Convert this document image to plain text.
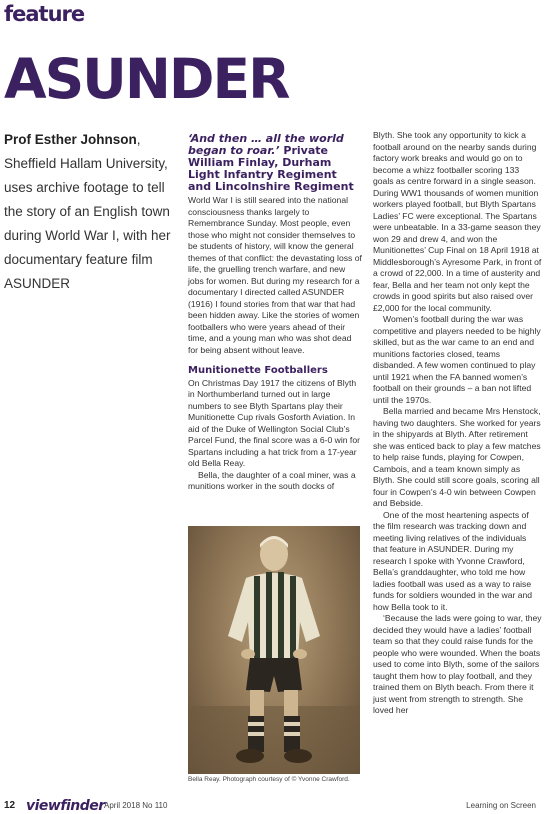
feature
ASUNDER
Prof Esther Johnson, Sheffield Hallam University, uses archive footage to tell the story of an English town during World War I, with her documentary feature film ASUNDER
‘And then … all the world began to roar.’ Private William Finlay, Durham Light Infantry Regiment and Lincolnshire Regiment

World War I is still seared into the national consciousness thanks largely to Remembrance Sunday. Most people, even those who might not consider themselves to be students of history, will know the general themes of that conflict: the devastating loss of life, the gruelling trench warfare, and new jobs for women. But during my research for a documentary I directed called ASUNDER (1916) I found stories from that war that had been hidden away. Like the stories of women footballers who were years ahead of their time, and a young man who was shot dead for being absent without leave.

Munitionette Footballers

On Christmas Day 1917 the citizens of Blyth in Northumberland turned out in large numbers to see Blyth Spartans play their Munitionette Cup rivals Gosforth Aviation. In aid of the Duke of Wellington Social Club’s Parcel Fund, the final score was a 6-0 win for Spartans including a hat trick from a 17-year old Bella Reay.

Bella, the daughter of a coal miner, was a munitions worker in the south docks of

Bella Reay. Photograph courtesy of © Yvonne Crawford.

Blyth. She took any opportunity to kick a football around on the nearby sands during factory work breaks and would go on to become a whizz footballer scoring 133 goals as centre forward in a single season. During WW1 thousands of women munition workers played football, but Blyth Spartans Ladies’ FC were exceptional. The Spartans were unbeatable. In a 33-game season they won 29 and drew 4, and won the Munitionettes’ Cup Final on 18 April 1918 at Middlesborough’s Ayresome Park, in front of a crowd of 22,000. In a time of austerity and fear, Bella and her team not only kept the crowds in good spirits but also raised over £2,000 for the local community.

Women’s football during the war was competitive and players needed to be highly skilled, but as the war came to an end and munitions factories closed, teams disbanded. A few women continued to play until 1921 when the FA banned women’s football on their grounds – a ban not lifted until the 1970s.

Bella married and became Mrs Henstock, having two daughters. She worked for years in the shipyards at Blyth. After retirement she was enticed back to play a few matches to help raise funds, playing for Cowpen, Cambois, and a team known simply as Blyth. She could still score goals, scoring all four in Cowpen’s 4-0 win between Cowpen and Bebside.

One of the most heartening aspects of the film research was tracking down and meeting living relatives of the individuals that feature in ASUNDER. During my research I spoke with Yvonne Crawford, Bella’s granddaughter, who told me how ladies football was used as a way to raise funds for soldiers wounded in the war and how Bella took to it.

‘Because the lads were going to war, they decided they would have a ladies’ football team so that they could raise funds for the people who were wounded. When the boats used to come into Blyth, some of the sailors taught them how to play football, and they trained them on Blyth beach. From there it just went from strength to strength. She loved her

12 viewfinder April 2018 No 110	Learning on Screen
